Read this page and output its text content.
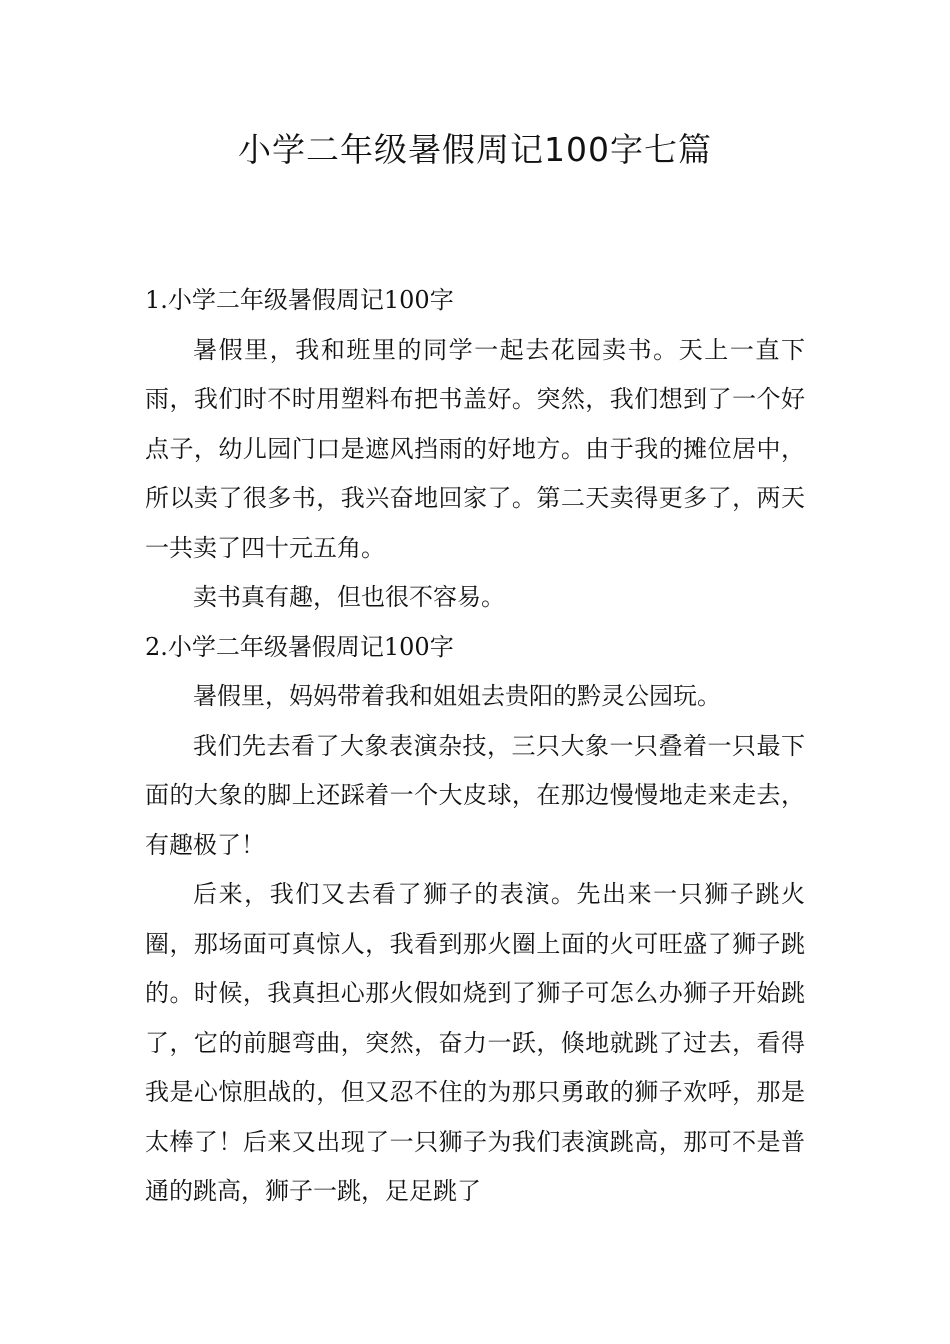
小学二年级暑假周记100字七篇

1.小学二年级暑假周记100字

暑假里，我和班里的同学一起去花园卖书。天上一直下雨，我们时不时用塑料布把书盖好。突然，我们想到了一个好点子，幼儿园门口是遮风挡雨的好地方。由于我的摊位居中，所以卖了很多书，我兴奋地回家了。第二天卖得更多了，两天一共卖了四十元五角。

卖书真有趣，但也很不容易。

2.小学二年级暑假周记100字

暑假里，妈妈带着我和姐姐去贵阳的黔灵公园玩。

我们先去看了大象表演杂技，三只大象一只叠着一只最下面的大象的脚上还踩着一个大皮球，在那边慢慢地走来走去，有趣极了！

后来，我们又去看了狮子的表演。先出来一只狮子跳火圈，那场面可真惊人，我看到那火圈上面的火可旺盛了狮子跳的。时候，我真担心那火假如烧到了狮子可怎么办狮子开始跳了，它的前腿弯曲，突然，奋力一跃，倏地就跳了过去，看得我是心惊胆战的，但又忍不住的为那只勇敢的狮子欢呼，那是太棒了！后来又出现了一只狮子为我们表演跳高，那可不是普通的跳高，狮子一跳，足足跳了
